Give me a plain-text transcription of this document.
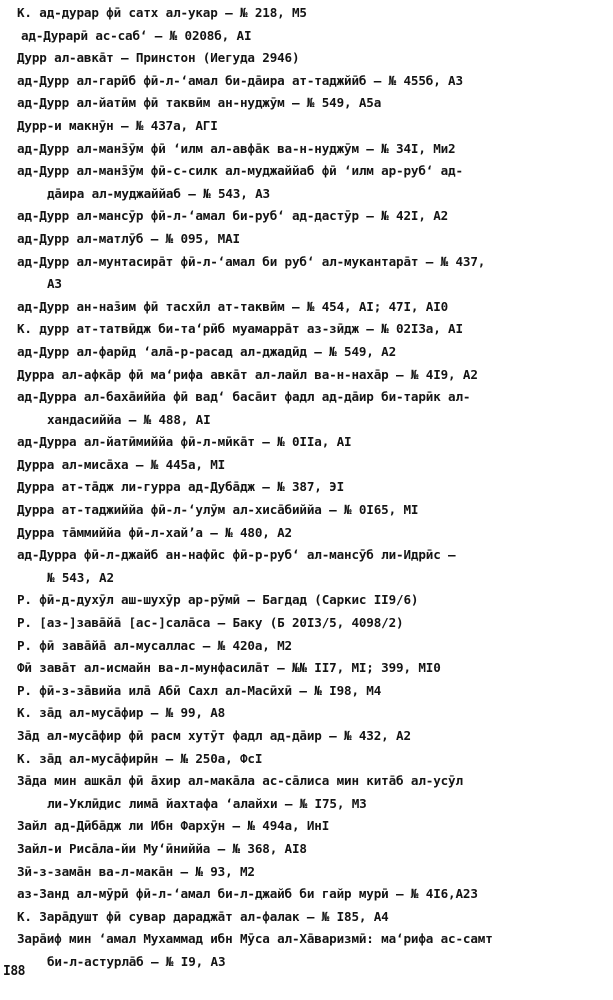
К. ад-дурар фӣ сатх ал-укар – № 218, М5
ад-Дурарӣ ас-саб‘ – № 0208б, AI
Дурр ал-авкāт – Принстон (Иегуда 2946)
ад-Дурр ал-гарӣб фӣ-л-‘амал би-дāира ат-таджйӣб – № 455б, А3
ад-Дурр ал-йатӣм фӣ таквӣм ан-нуджӯм – № 549, А5а
Дурр-и макнӯн – № 437а, АГI
ад-Дурр ал-манз̄ӯм фӣ ‘илм ал-авфāк ва-н-нуджӯм – № 34I, Ми2
ад-Дурр ал-манз̄ӯм фӣ-с-силк ал-муджаййаб фӣ ‘илм ар-руб‘ ад-
дāира ал-муджаййаб – № 543, А3
ад-Дурр ал-мансӯр фӣ-л-‘амал би-руб‘ ад-дастӯр – № 42I, А2
ад-Дурр ал-матлӯб – № 095, МАI
ад-Дурр ал-мунтасирāт фӣ-л-‘амал би руб‘ ал-мукантарāт – № 437,
А3
ад-Дурр ан-наз̄им фӣ тасхӣл ат-таквӣм – № 454, АI; 47I, АI0
К. дурр ат-татвӣдж би-та‘рӣб муамаррāт аз-зӣдж – № 02I3а, АI
ад-Дурр ал-фарӣд ‘алā-р-расад ал-джадӣд – № 549, А2
Дурра ал-афкāр фӣ ма‘рифа авкāт ал-лайл ва-н-нахāр – № 4I9, А2
ад-Дурра ал-бахāиййа фӣ вад‘ басāит фадл ад-дāир би-тарӣк ал-
хандасиййа – № 488, АI
ад-Дурра ал-йатӣмиййа фӣ-л-мӣкāт – № 0IIа, АI
Дурра ал-мисāха – № 445а, МI
Дурра ат-тāдж ли-гурра ад-Дубāдж – № 387, ЭI
Дурра ат-таджиййа фӣ-л-‘улӯм ал-хисāбиййа – № 0I65, МI
Дурра тāммиййа фӣ-л-хай’а – № 480, А2
ад-Дурра фӣ-л-джайб ан-нафӣс фӣ-р-руб‘ ал-мансӯб ли-Идрӣс –
№ 543, А2
Р. фӣ-д-духӯл аш-шухӯр ар-рӯмӣ – Багдад (Саркис II9/6)
Р. [аз-]завāйā [ас-]салāса – Баку (Б 20I3/5, 4098/2)
Р. фӣ завāйā ал-мусаллас – № 420а, М2
Фӣ завāт ал-исмайн ва-л-мунфасилāт – №№ II7, МI; 399, МI0
Р. фӣ-з-зāвийа илā Абӣ Сахл ал-Масӣхӣ – № I98, М4
К. зāд ал-мусāфир – № 99, А8
Зāд ал-мусāфир фӣ расм хутӯт фадл ад-дāир – № 432, А2
К. зāд ал-мусāфирӣн – № 250а, ФсI
Зāда мин ашкāл фӣ āхир ал-макāла ас-сāлиса мин китāб ал-усӯл
ли-Уклӣдис лимā йахтафа ‘алайхи – № I75, М3
Зайл ад-Дӣбāдж ли Ибн Фархӯн – № 494а, ИнI
Зайл-и Рисāла-йи Му‘ӣниййа – № 368, АI8
Зӣ-з-замāн ва-л-макāн – № 93, М2
аз-Занд ал-мӯрӣ фӣ-л-‘амал би-л-джайб би гайр мурӣ – № 4I6,А23
К. Зарāдушт фӣ сувар дараджāт ал-фалак – № I85, А4
Зарāиф мин ‘амал Мухаммад ибн Мӯса ал-Хāваризмӣ: ма‘рифа ас-самт
би-л-астурлāб – № I9, А3
I88
